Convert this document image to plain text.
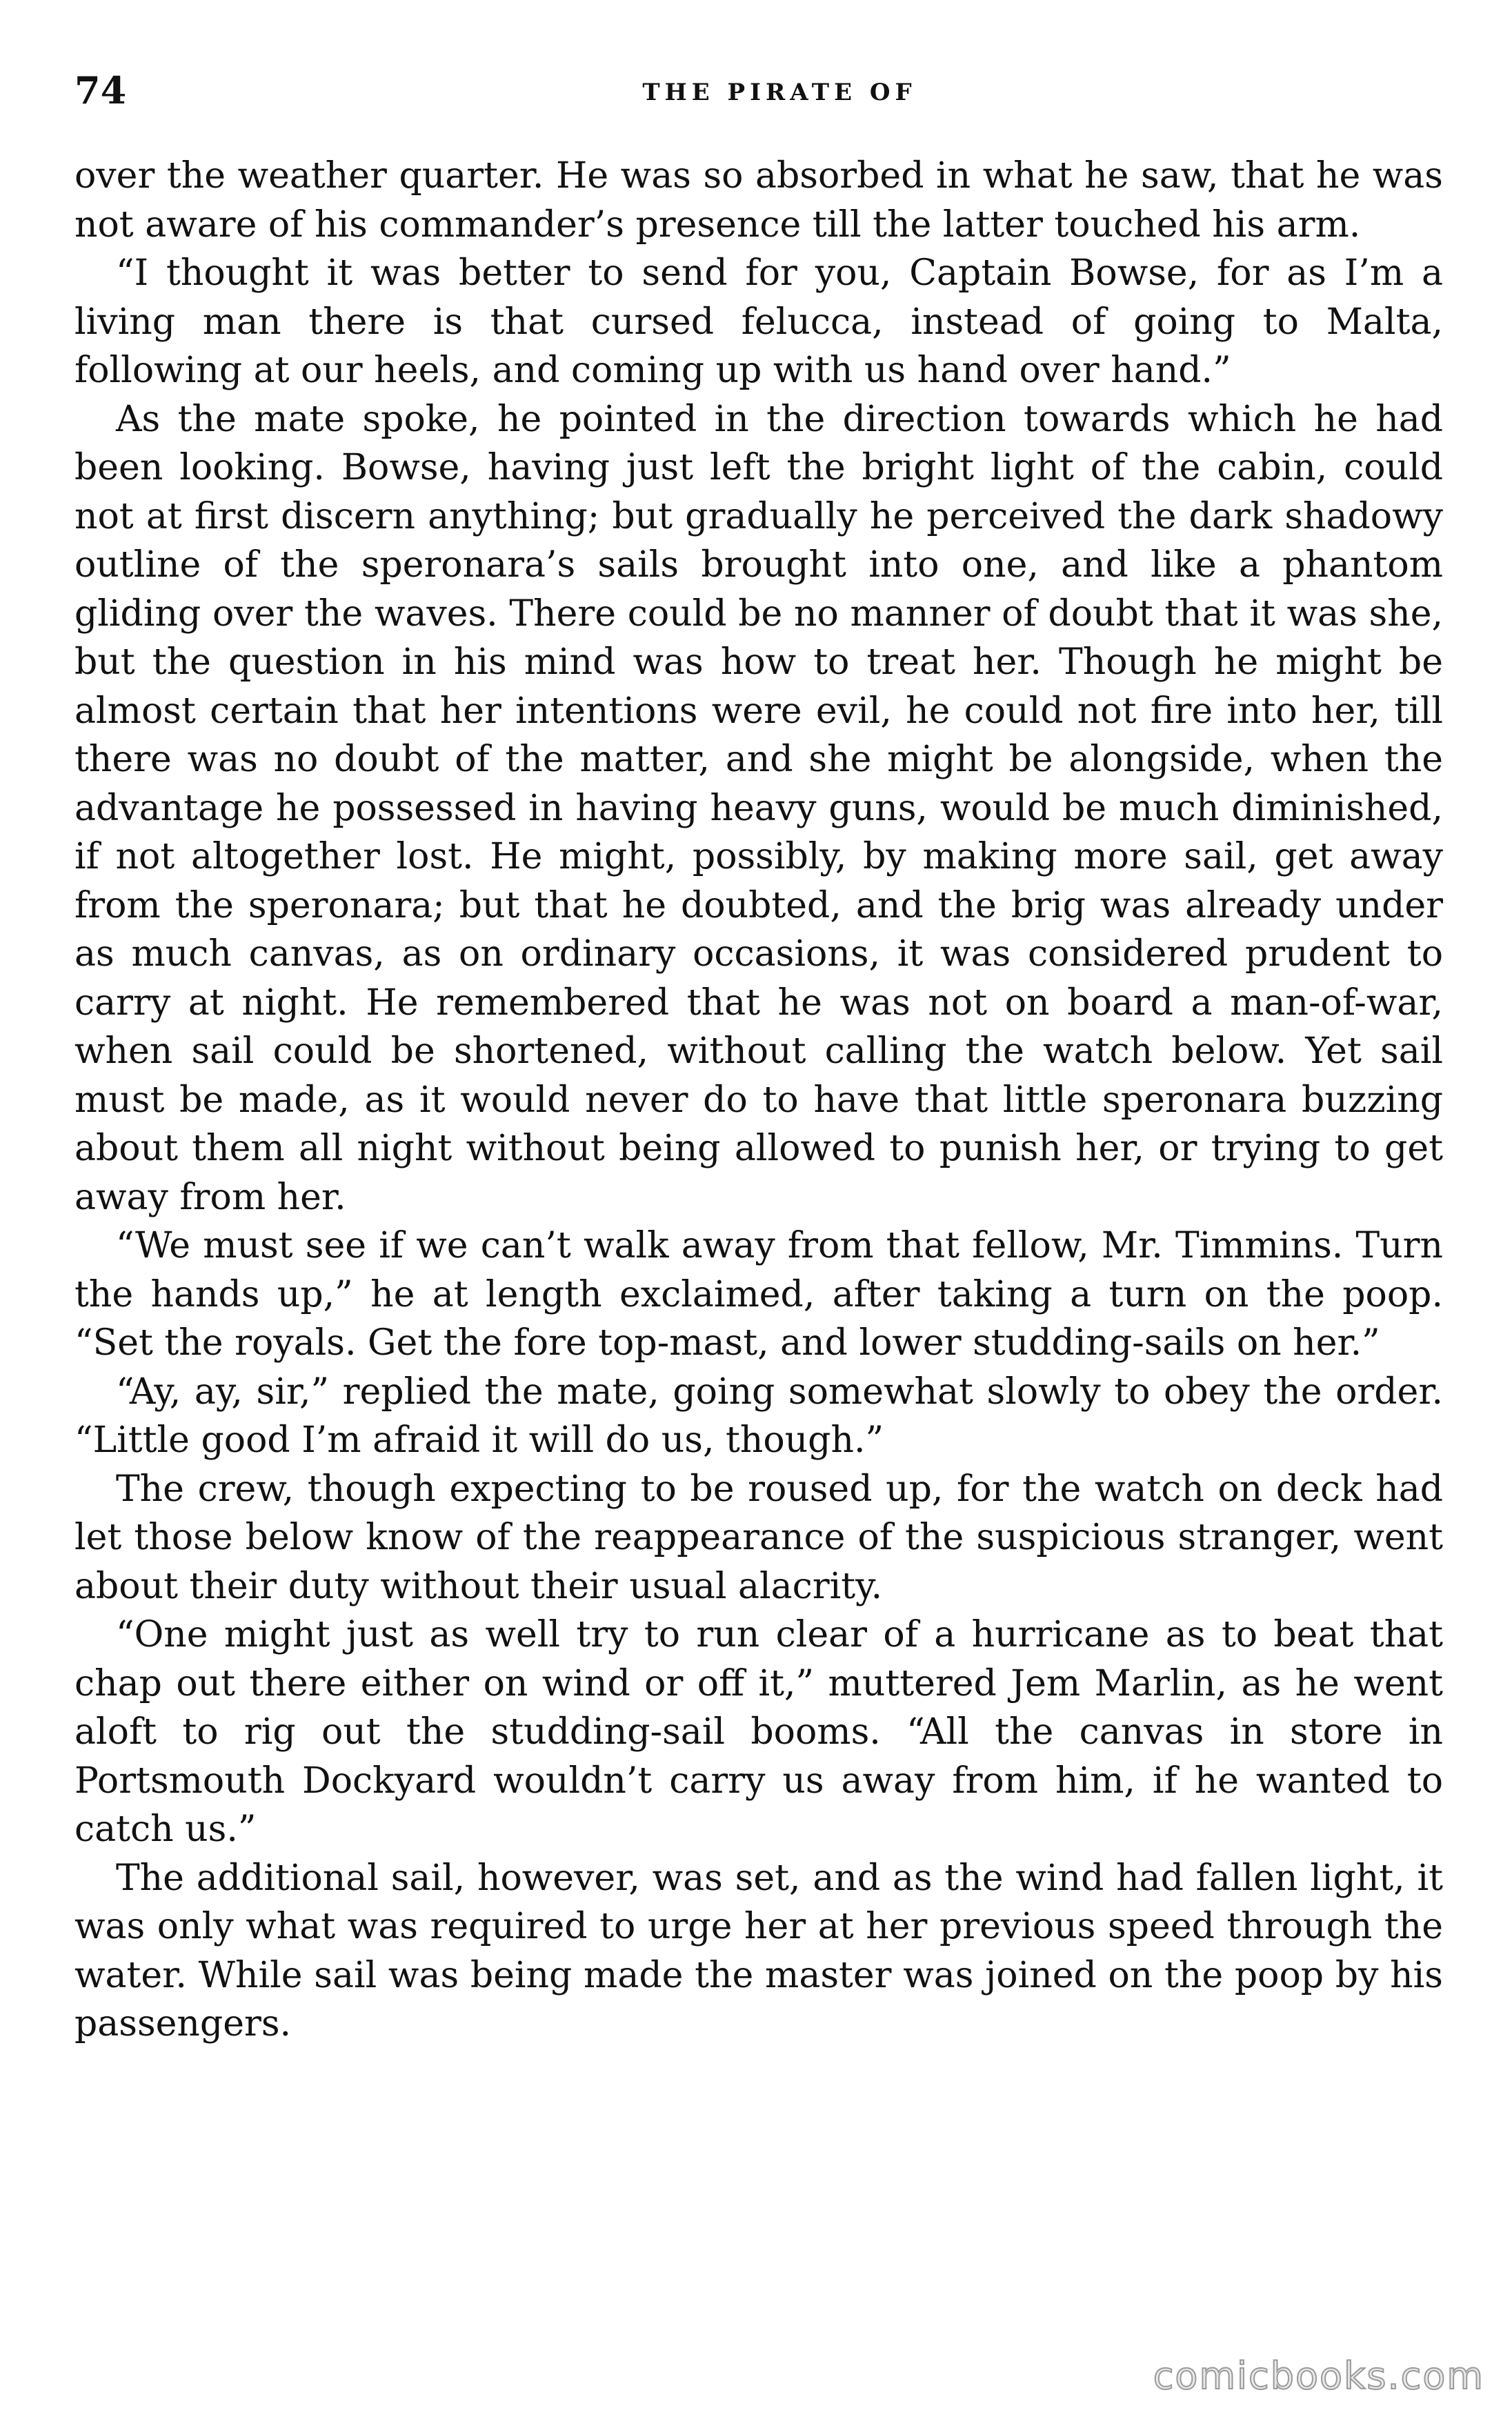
74	THE PIRATE OF

over the weather quarter. He was so absorbed in what he saw, that he was not aware of his commander’s presence till the latter touched his arm.

“I thought it was better to send for you, Captain Bowse, for as I’m a living man there is that cursed felucca, instead of going to Malta, following at our heels, and coming up with us hand over hand.”

As the mate spoke, he pointed in the direction towards which he had been looking. Bowse, having just left the bright light of the cabin, could not at first discern anything; but gradually he perceived the dark shadowy outline of the speronara’s sails brought into one, and like a phantom gliding over the waves. There could be no manner of doubt that it was she, but the question in his mind was how to treat her. Though he might be almost certain that her intentions were evil, he could not fire into her, till there was no doubt of the matter, and she might be alongside, when the advantage he possessed in having heavy guns, would be much diminished, if not altogether lost. He might, possibly, by making more sail, get away from the speronara; but that he doubted, and the brig was already under as much canvas, as on ordinary occasions, it was considered prudent to carry at night. He remembered that he was not on board a man-of-war, when sail could be shortened, without calling the watch below. Yet sail must be made, as it would never do to have that little speronara buzzing about them all night without being allowed to punish her, or trying to get away from her.

“We must see if we can’t walk away from that fellow, Mr. Timmins. Turn the hands up,” he at length exclaimed, after taking a turn on the poop. “Set the royals. Get the fore top-mast, and lower studding-sails on her.”

“Ay, ay, sir,” replied the mate, going somewhat slowly to obey the order. “Little good I’m afraid it will do us, though.”

The crew, though expecting to be roused up, for the watch on deck had let those below know of the reappearance of the suspicious stranger, went about their duty without their usual alacrity.

“One might just as well try to run clear of a hurricane as to beat that chap out there either on wind or off it,” muttered Jem Marlin, as he went aloft to rig out the studding-sail booms. “All the canvas in store in Portsmouth Dockyard wouldn’t carry us away from him, if he wanted to catch us.”

The additional sail, however, was set, and as the wind had fallen light, it was only what was required to urge her at her previous speed through the water. While sail was being made the master was joined on the poop by his passengers.

comicbooks.com
